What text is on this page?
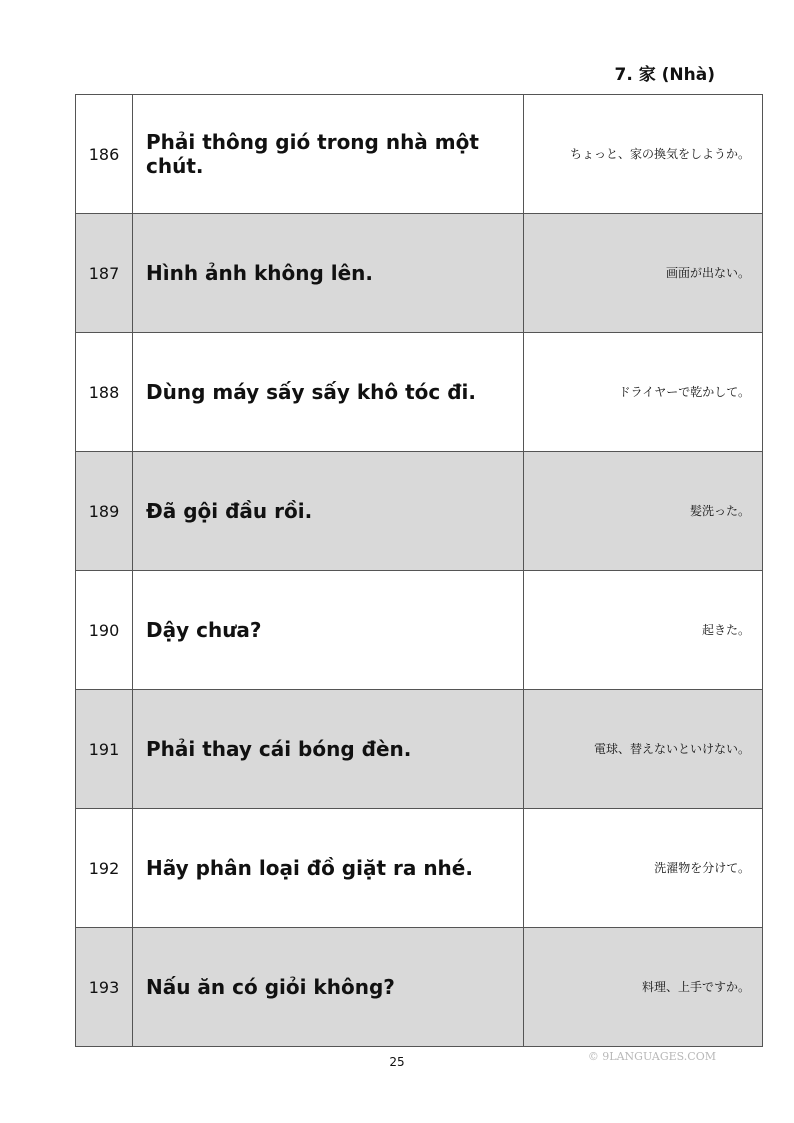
7. 家 (Nhà)
186	Phải thông gió trong nhà một chút.	ちょっと、家の換気をしようか。
187	Hình ảnh không lên.	画面が出ない。
188	Dùng máy sấy sấy khô tóc đi.	ドライヤーで乾かして。
189	Đã gội đầu rồi.	髪洗った。
190	Dậy chưa?	起きた。
191	Phải thay cái bóng đèn.	電球、替えないといけない。
192	Hãy phân loại đồ giặt ra nhé.	洗濯物を分けて。
193	Nấu ăn có giỏi không?	料理、上手ですか。
25	© 9LANGUAGES.COM
